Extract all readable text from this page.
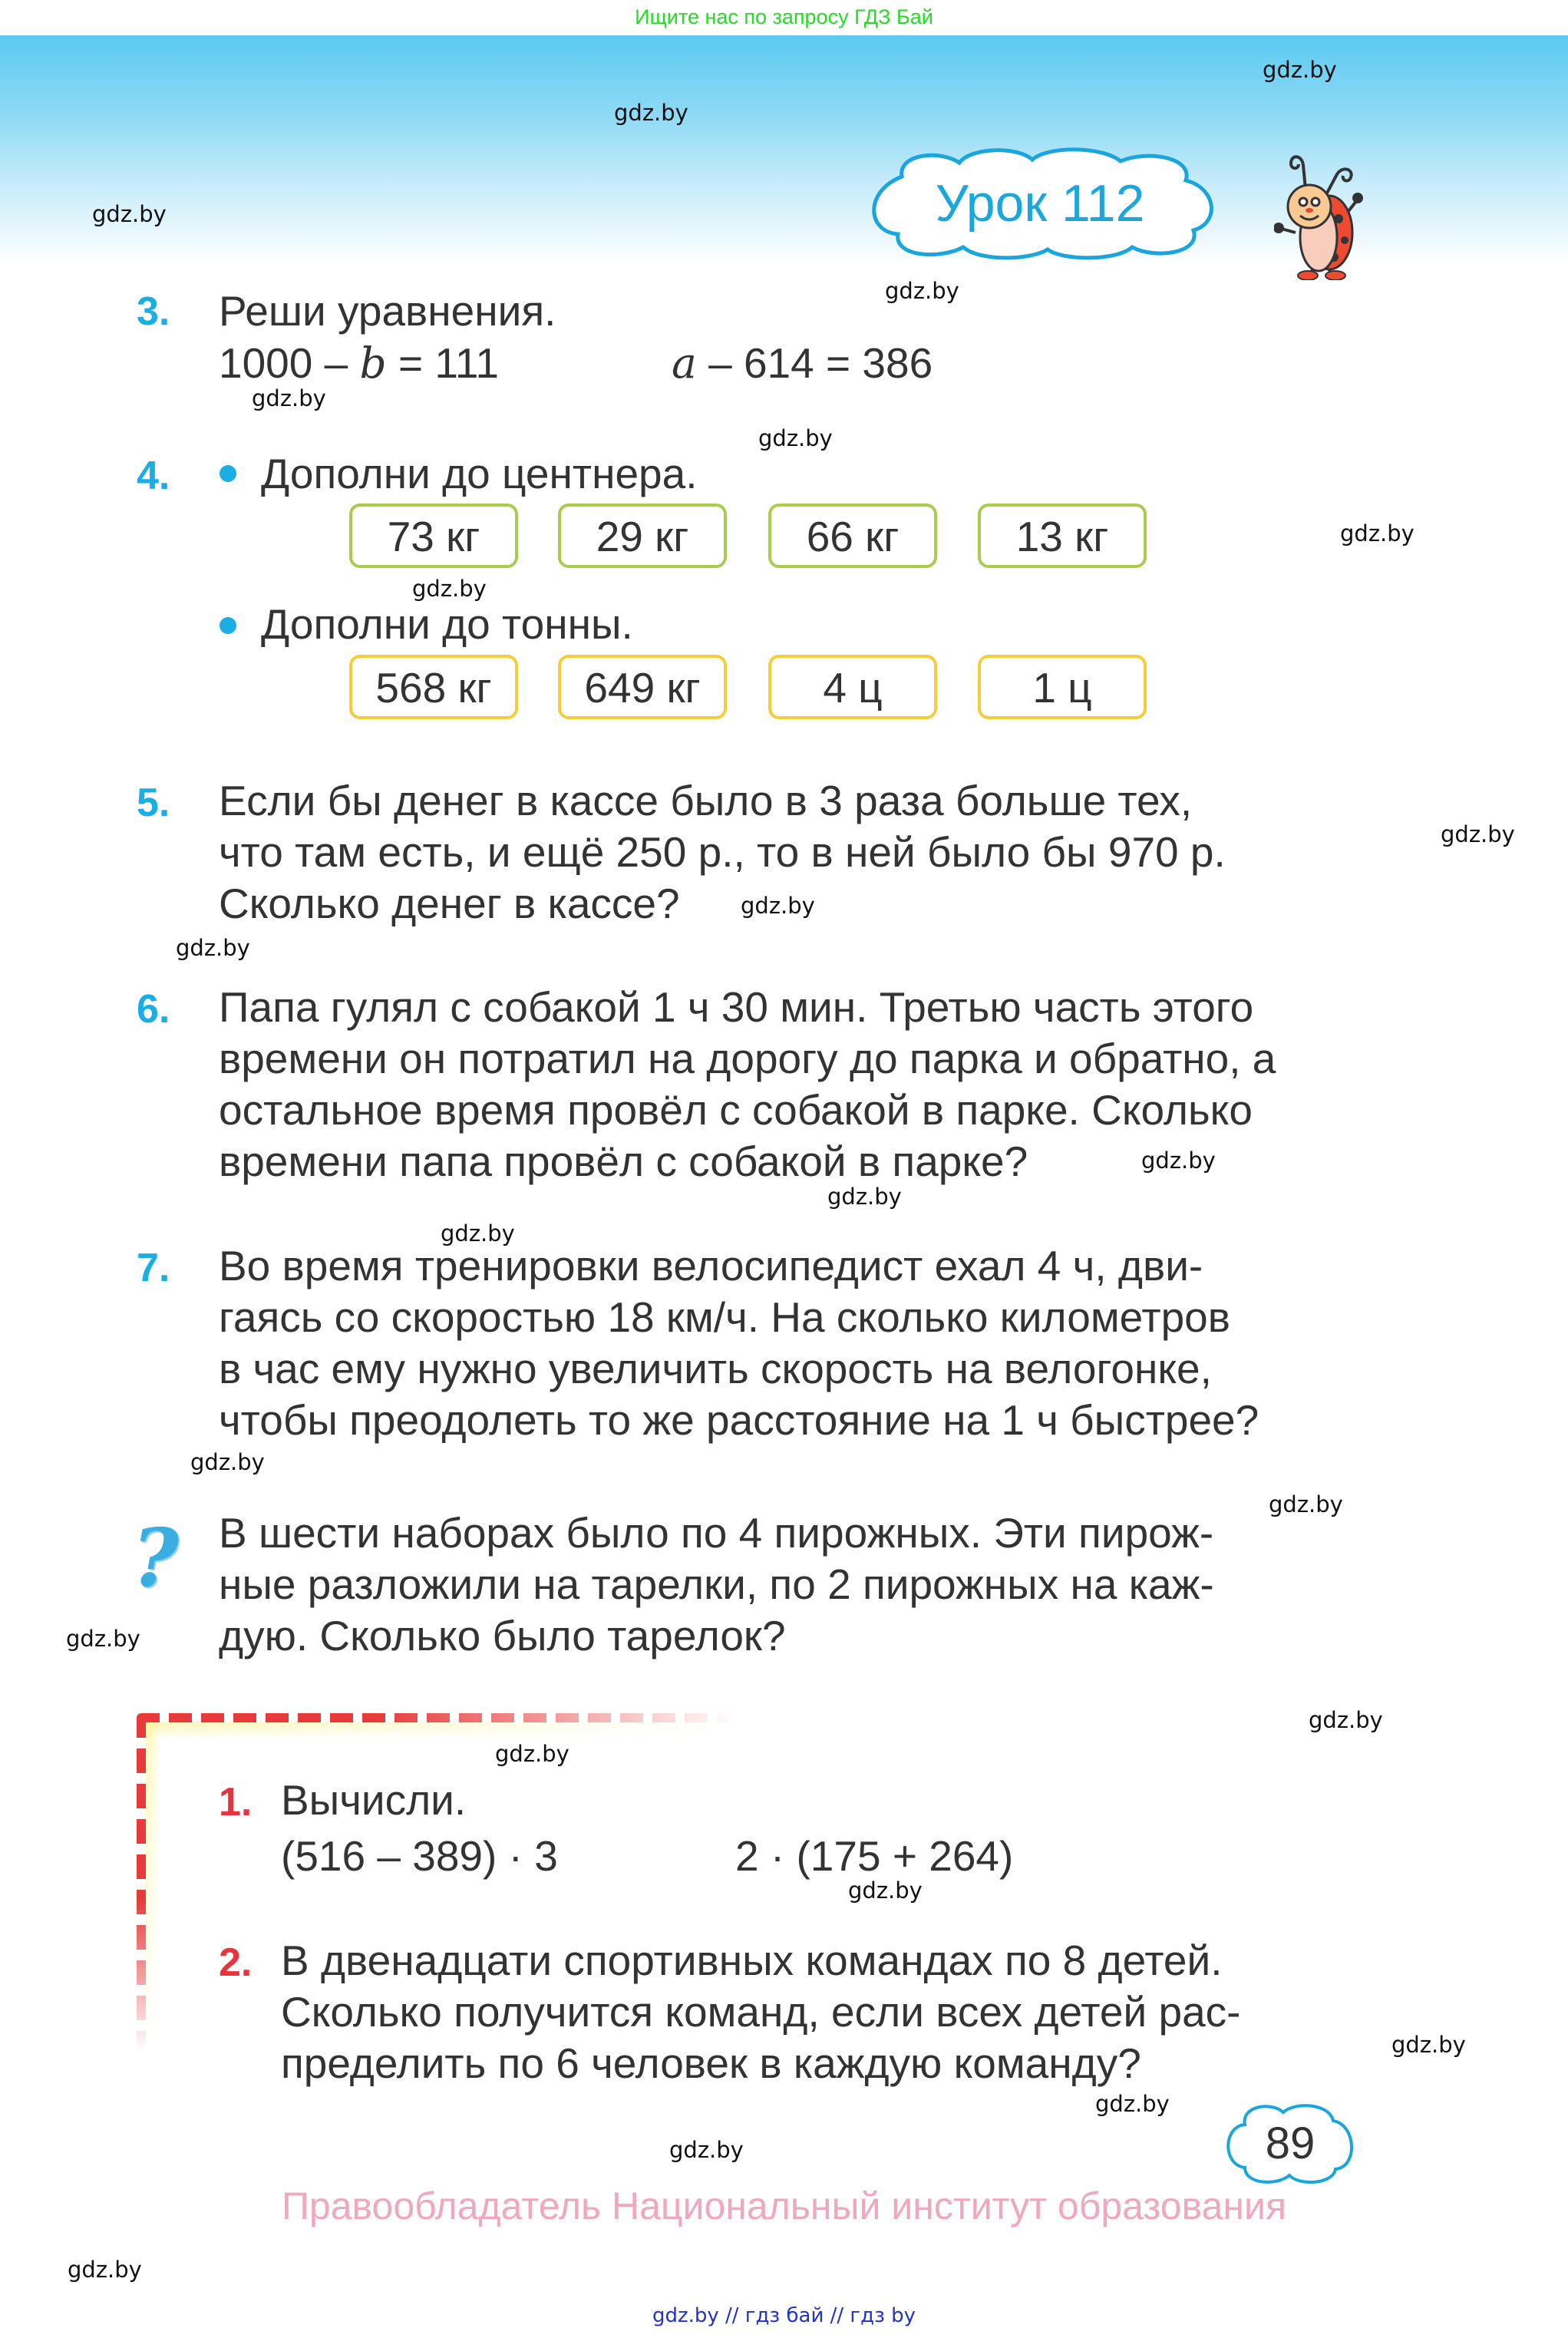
Ищите нас по запросу ГДЗ Бай
Урок 112
3. Реши уравнения.
1000 – b = 111	a – 614 = 386
4. Дополни до центнера.
73 кг	29 кг	66 кг	13 кг
Дополни до тонны.
568 кг	649 кг	4 ц	1 ц
5. Если бы денег в кассе было в 3 раза больше тех,
что там есть, и ещё 250 р., то в ней было бы 970 р.
Сколько денег в кассе?
6. Папа гулял с собакой 1 ч 30 мин. Третью часть этого
времени он потратил на дорогу до парка и обратно, а
остальное время провёл с собакой в парке. Сколько
времени папа провёл с собакой в парке?
7. Во время тренировки велосипедист ехал 4 ч, дви-
гаясь со скоростью 18 км/ч. На сколько километров
в час ему нужно увеличить скорость на велогонке,
чтобы преодолеть то же расстояние на 1 ч быстрее?
? В шести наборах было по 4 пирожных. Эти пирож-
ные разложили на тарелки, по 2 пирожных на каж-
дую. Сколько было тарелок?
1. Вычисли.
(516 – 389) · 3	2 · (175 + 264)
2. В двенадцати спортивных командах по 8 детей.
Сколько получится команд, если всех детей рас-
пределить по 6 человек в каждую команду?
89
Правообладатель Национальный институт образования
gdz.by // гдз бай // гдз by
gdz.by
gdz.by
gdz.by
gdz.by
gdz.by
gdz.by
gdz.by
gdz.by
gdz.by
gdz.by
gdz.by
gdz.by
gdz.by
gdz.by
gdz.by
gdz.by
gdz.by
gdz.by
gdz.by
gdz.by
gdz.by
gdz.by
gdz.by
gdz.by
